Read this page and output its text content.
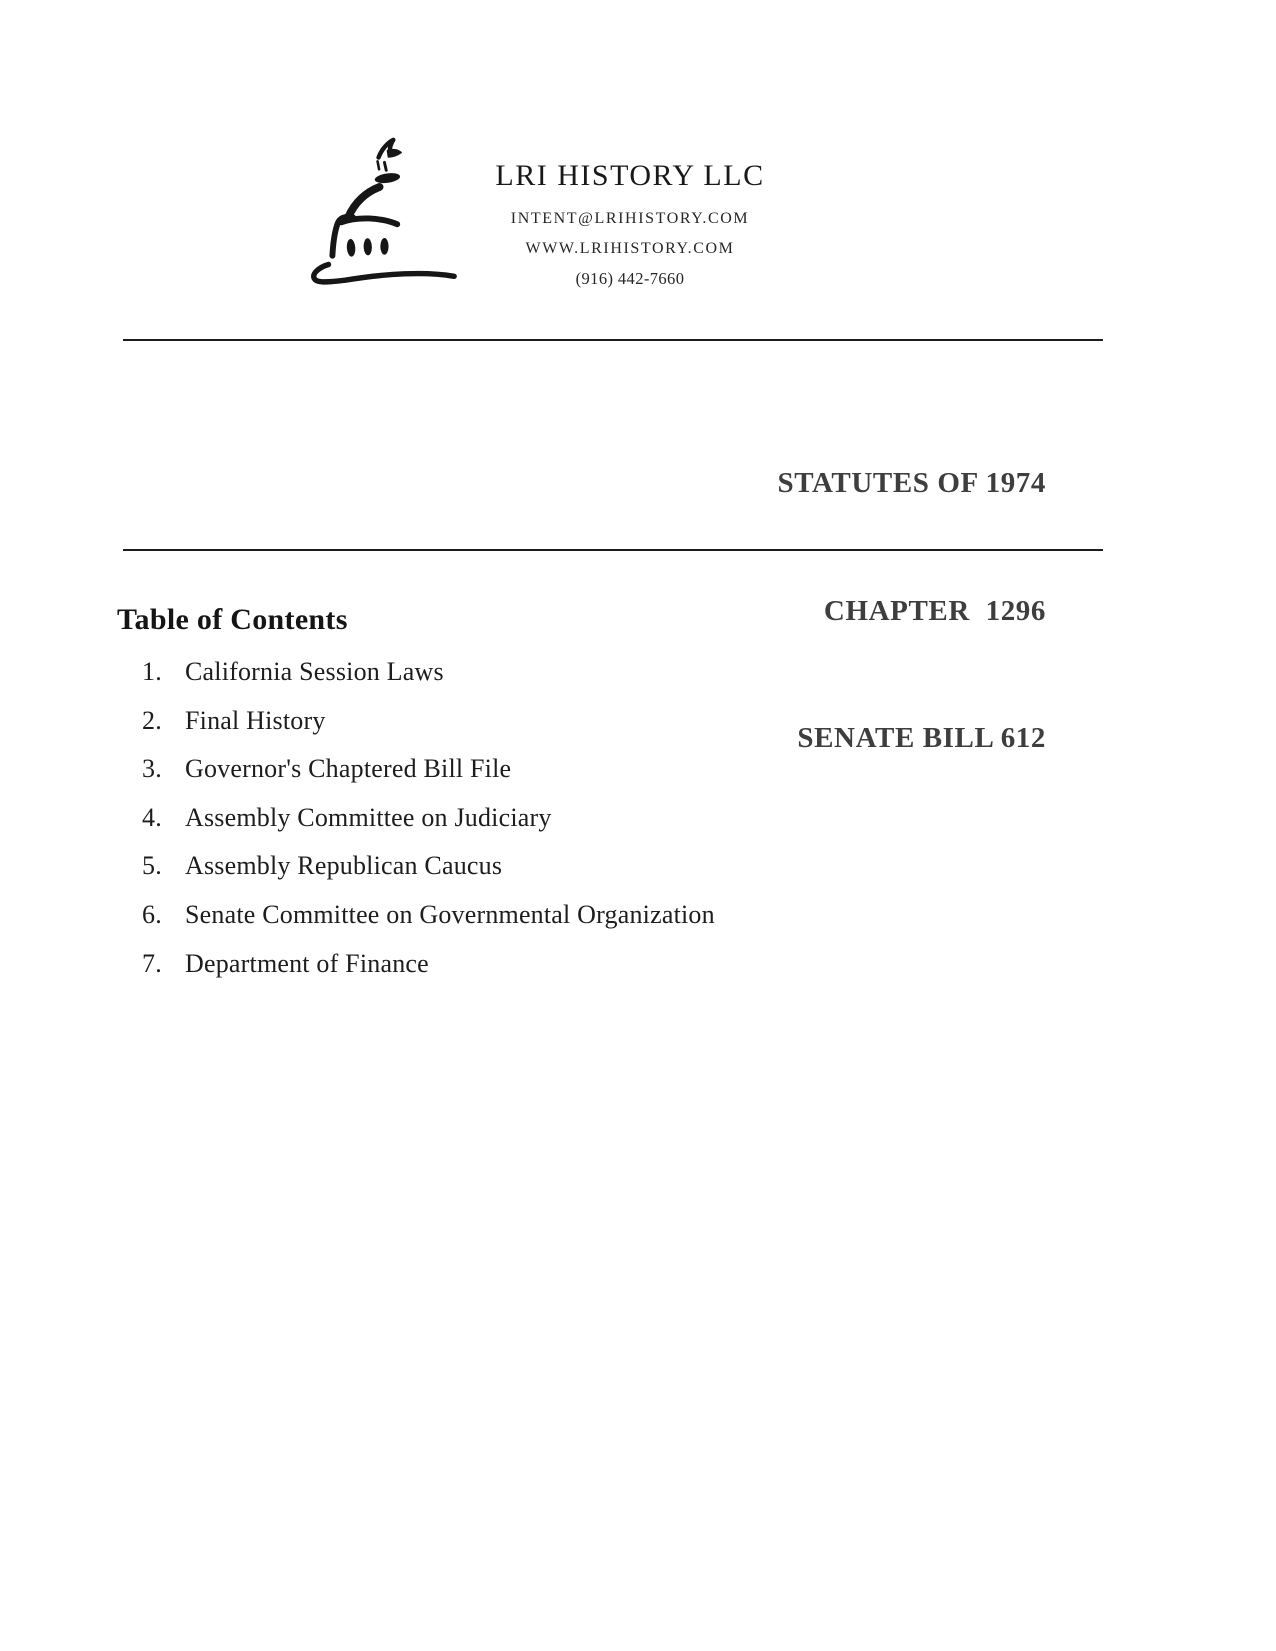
LRI HISTORY LLC
INTENT@LRIHISTORY.COM
WWW.LRIHISTORY.COM
(916) 442-7660

STATUTES OF 1974

CHAPTER  1296

SENATE BILL 612

Table of Contents
1. California Session Laws
2. Final History
3. Governor's Chaptered Bill File
4. Assembly Committee on Judiciary
5. Assembly Republican Caucus
6. Senate Committee on Governmental Organization
7. Department of Finance
